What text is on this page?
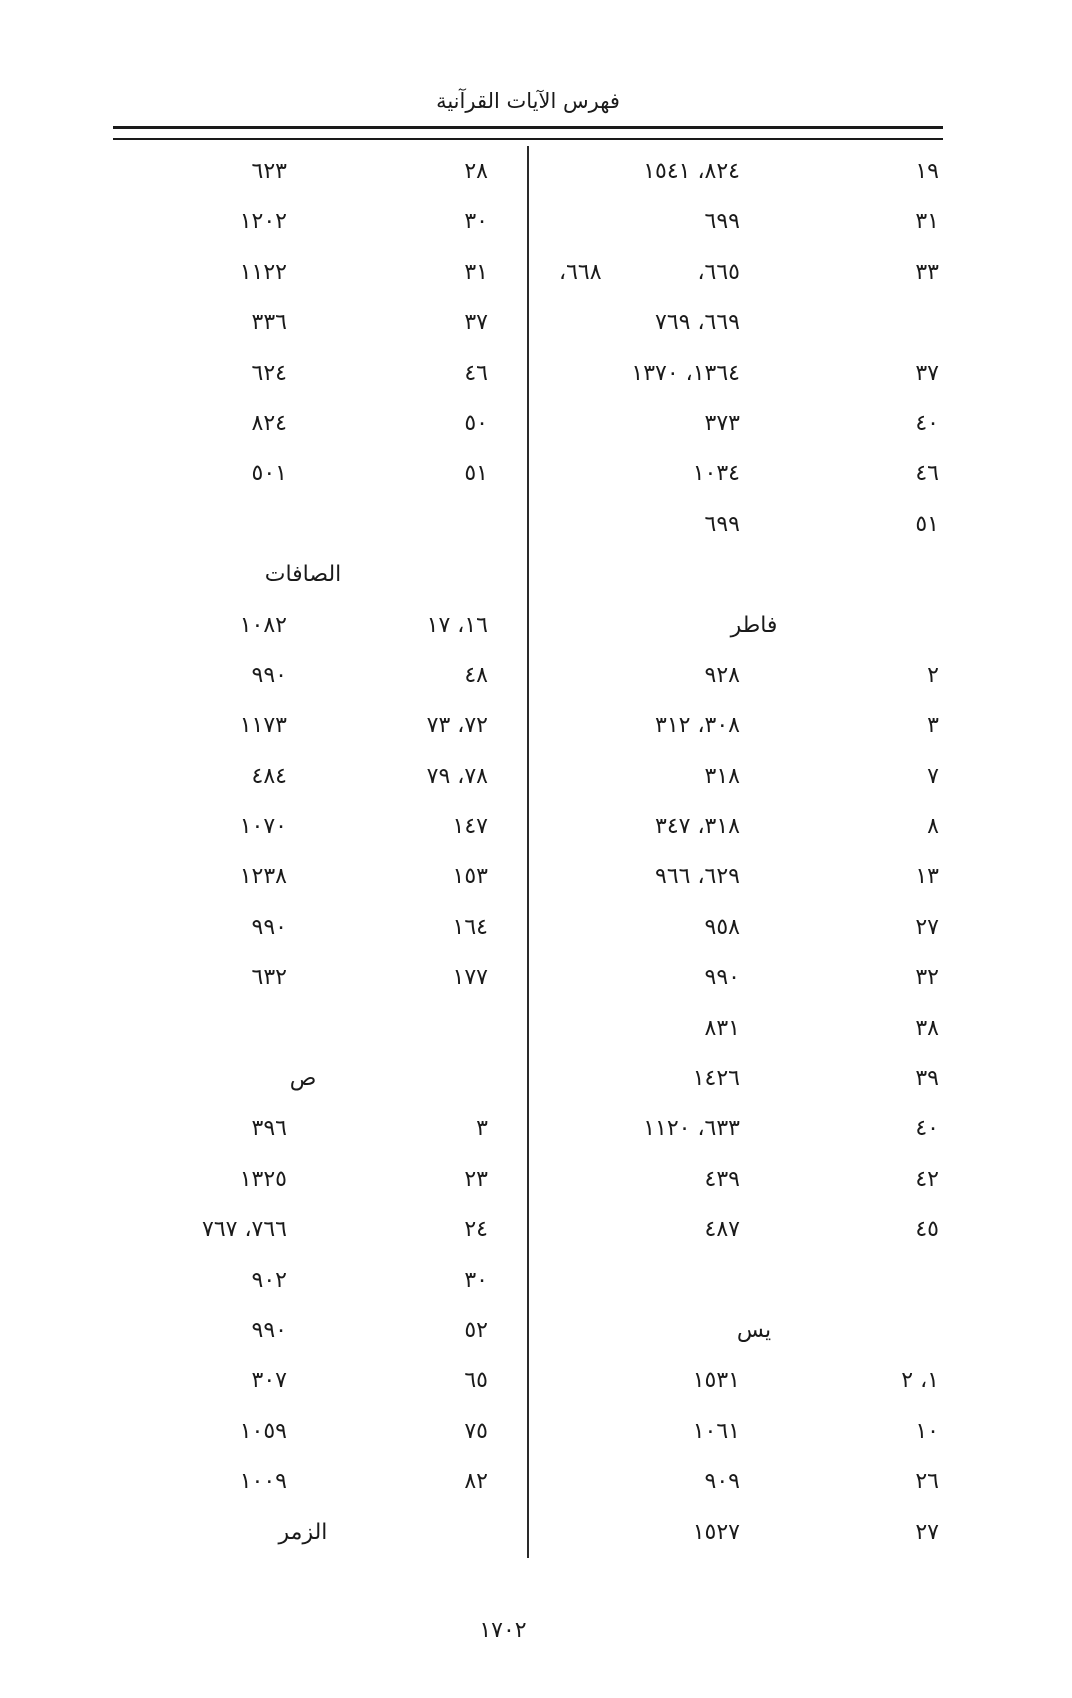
فهرس الآيات القرآنية
١٩
٨٢٤، ١٥٤١
٣١
٦٩٩
٣٣
٦٦٥، ٦٦٨،
٦٦٩، ٧٦٩
٣٧
١٣٦٤، ١٣٧٠
٤٠
٣٧٣
٤٦
١٠٣٤
٥١
٦٩٩
فاطر
٢
٩٢٨
٣
٣٠٨، ٣١٢
٧
٣١٨
٨
٣١٨، ٣٤٧
١٣
٦٢٩، ٩٦٦
٢٧
٩٥٨
٣٢
٩٩٠
٣٨
٨٣١
٣٩
١٤٢٦
٤٠
٦٣٣، ١١٢٠
٤٢
٤٣٩
٤٥
٤٨٧
يس
١، ٢
١٥٣١
١٠
١٠٦١
٢٦
٩٠٩
٢٧
١٥٢٧
٢٨
٦٢٣
٣٠
١٢٠٢
٣١
١١٢٢
٣٧
٣٣٦
٤٦
٦٢٤
٥٠
٨٢٤
٥١
٥٠١
الصافات
١٦، ١٧
١٠٨٢
٤٨
٩٩٠
٧٢، ٧٣
١١٧٣
٧٨، ٧٩
٤٨٤
١٤٧
١٠٧٠
١٥٣
١٢٣٨
١٦٤
٩٩٠
١٧٧
٦٣٢
ص
٣
٣٩٦
٢٣
١٣٢٥
٢٤
٧٦٦، ٧٦٧
٣٠
٩٠٢
٥٢
٩٩٠
٦٥
٣٠٧
٧٥
١٠٥٩
٨٢
١٠٠٩
الزمر
١٧٠٢
